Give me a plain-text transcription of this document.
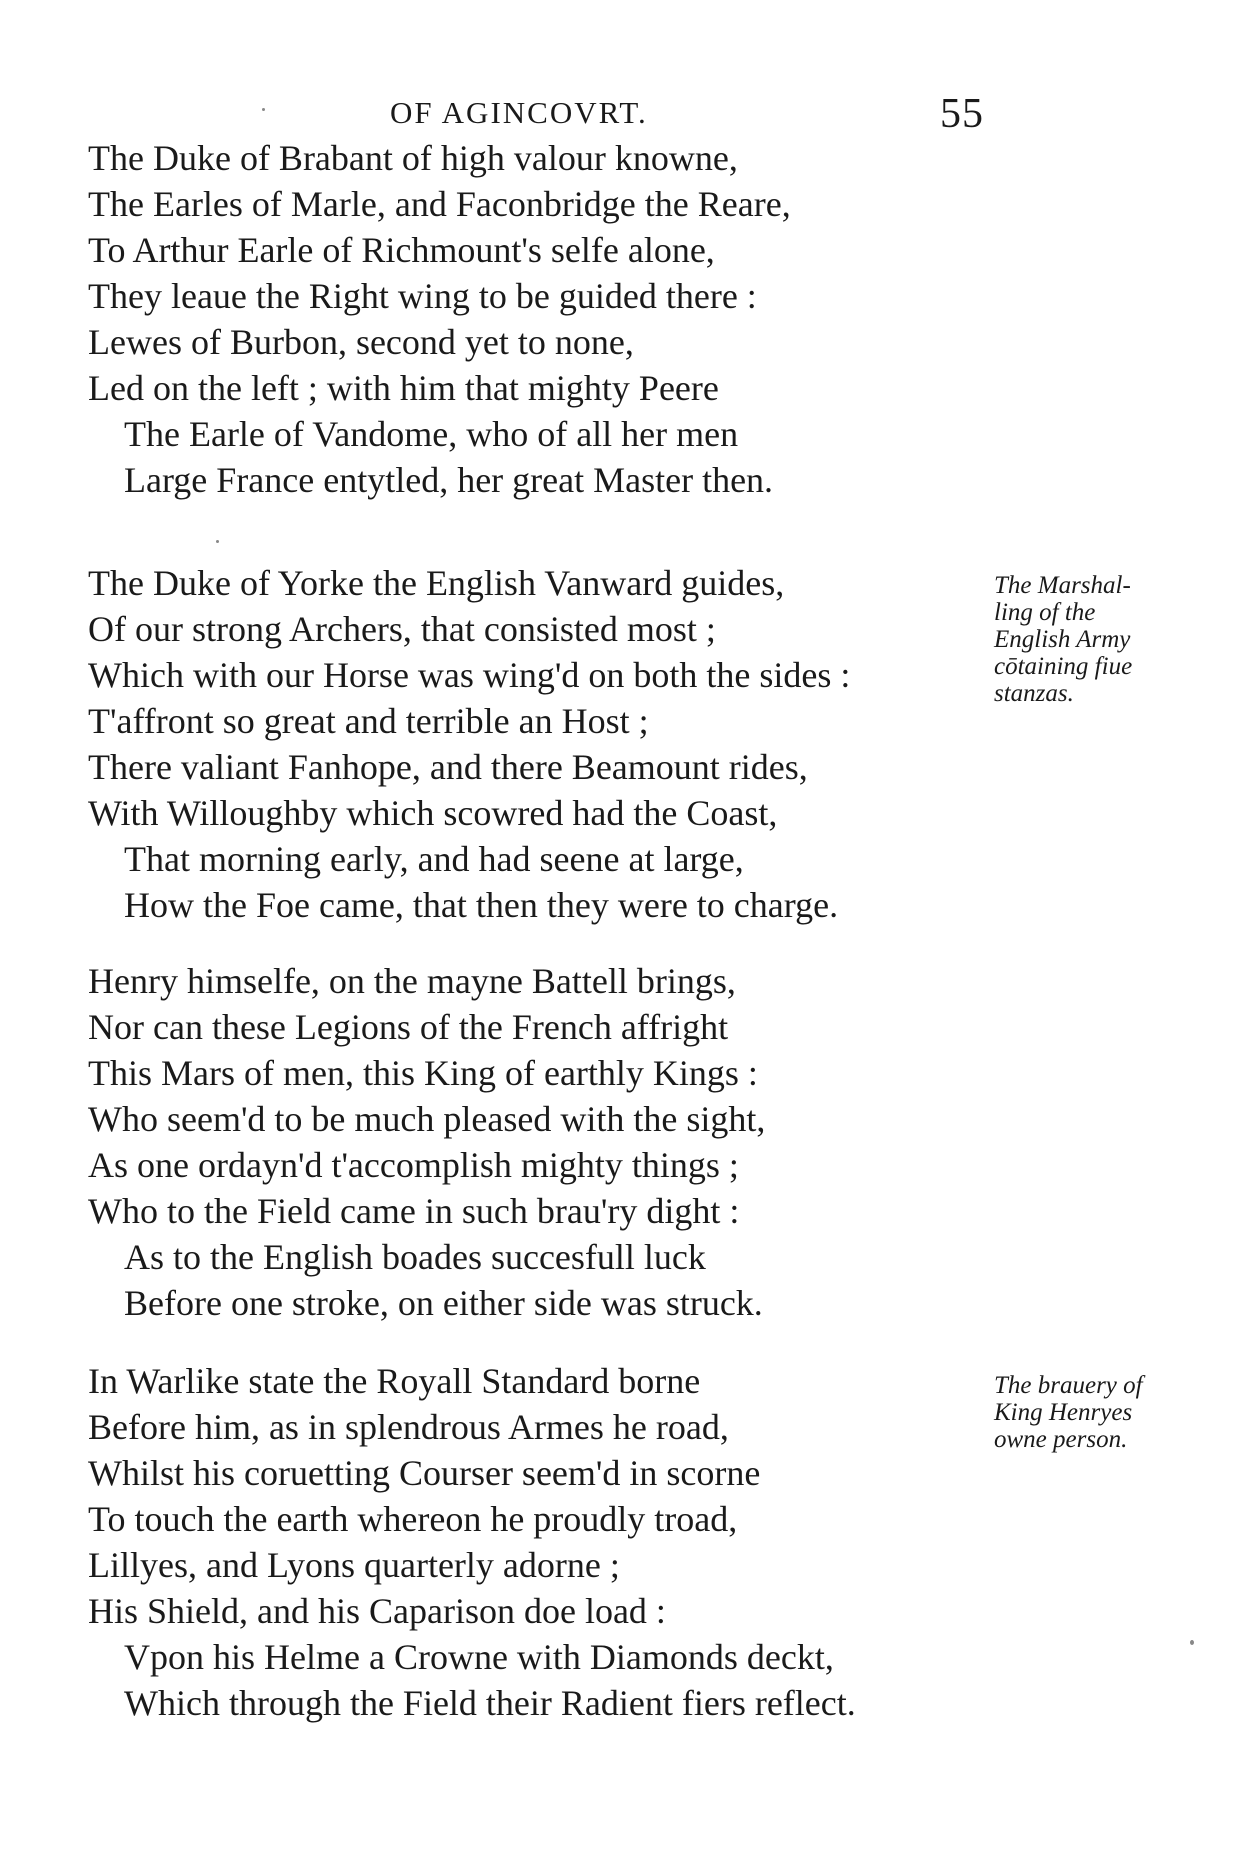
OF AGINCOVRT.	55
The Duke of Brabant of high valour knowne,
The Earles of Marle, and Faconbridge the Reare,
To Arthur Earle of Richmount's selfe alone,
They leaue the Right wing to be guided there :
Lewes of Burbon, second yet to none,
Led on the left ; with him that mighty Peere
The Earle of Vandome, who of all her men
Large France entytled, her great Master then.
The Duke of Yorke the English Vanward guides,
Of our strong Archers, that consisted most ;
Which with our Horse was wing'd on both the sides :
T'affront so great and terrible an Host ;
There valiant Fanhope, and there Beamount rides,
With Willoughby which scowred had the Coast,
That morning early, and had seene at large,
How the Foe came, that then they were to charge.
Henry himselfe, on the mayne Battell brings,
Nor can these Legions of the French affright
This Mars of men, this King of earthly Kings :
Who seem'd to be much pleased with the sight,
As one ordayn'd t'accomplish mighty things ;
Who to the Field came in such brau'ry dight :
As to the English boades succesfull luck
Before one stroke, on either side was struck.
In Warlike state the Royall Standard borne
Before him, as in splendrous Armes he road,
Whilst his coruetting Courser seem'd in scorne
To touch the earth whereon he proudly troad,
Lillyes, and Lyons quarterly adorne ;
His Shield, and his Caparison doe load :
Vpon his Helme a Crowne with Diamonds deckt,
Which through the Field their Radient fiers reflect.
The Marshal-
ling of the
English Army
cōtaining fiue
stanzas.
The brauery of
King Henryes
owne person.
